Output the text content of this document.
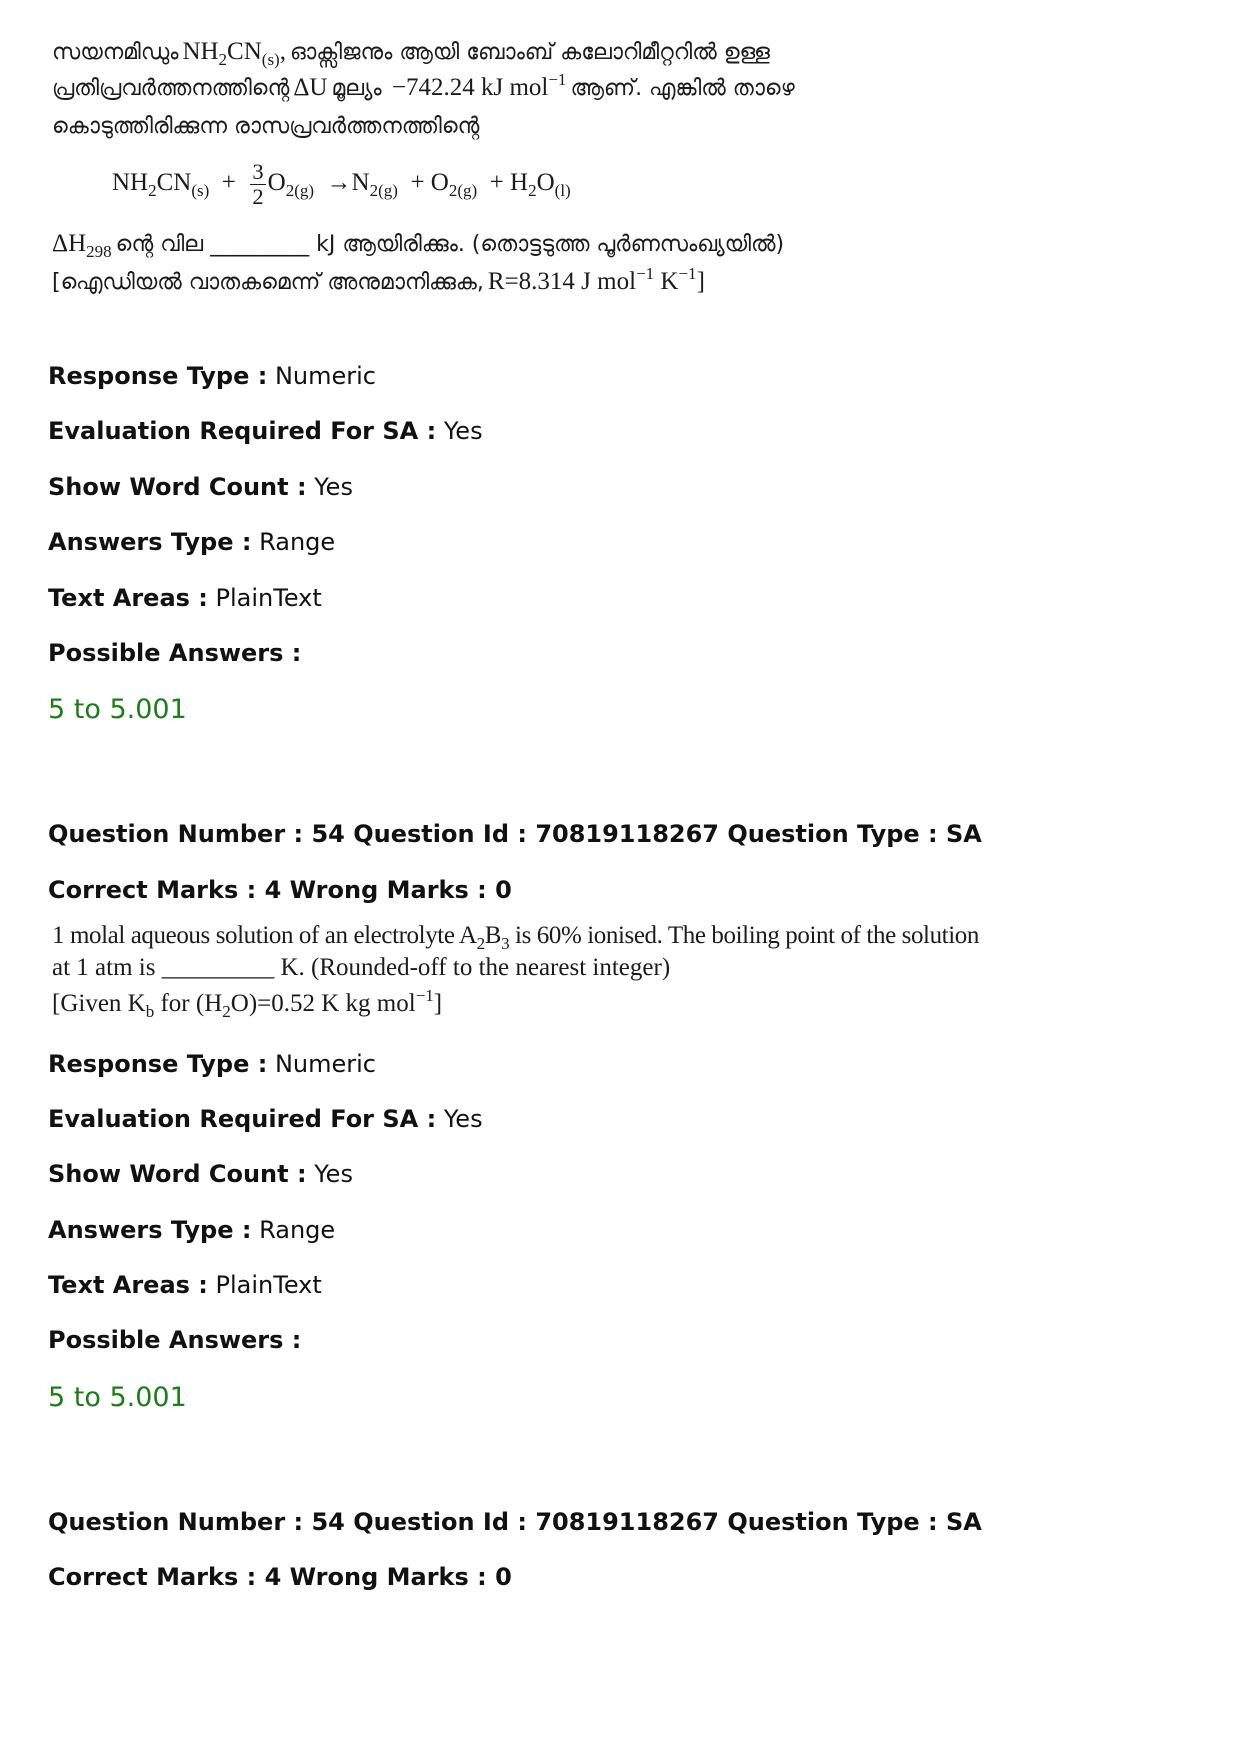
സയനമിഡും $NH_2CN_{(s)}$, ഓക്സിജനും ആയി ബോംബ് കലോറിമീറ്ററിൽ ഉള്ള
പ്രതിപ്രവർത്തനത്തിന്റെ ΔU മൂല്യം −742.24 kJ mol$^{-1}$ ആണ്. എങ്കിൽ താഴെ
കൊടുത്തിരിക്കുന്ന രാസപ്രവർത്തനത്തിന്റെ
$NH_2CN_{(s)} + \frac{3}{2} O_{2(g)} \to N_{2(g)} + O_{2(g)} + H_2O_{(l)}$
$\Delta H_{298}$ ന്റെ വില _________ kJ ആയിരിക്കും. (തൊട്ടടുത്ത പൂർണസംഖ്യയിൽ)
[ഐഡിയൽ വാതകമെന്ന് അനുമാനിക്കുക, R=8.314 J mol$^{-1}$ $K^{-1}$]
Response Type : Numeric
Evaluation Required For SA : Yes
Show Word Count : Yes
Answers Type : Range
Text Areas : PlainText
Possible Answers :
5 to 5.001
Question Number : 54 Question Id : 70819118267 Question Type : SA
Correct Marks : 4 Wrong Marks : 0
1 molal aqueous solution of an electrolyte $A_2B_3$ is 60% ionised. The boiling point of the solution
at 1 atm is _________ K. (Rounded-off to the nearest integer)
[Given $K_b$ for $(H_2O)=0.52$ K kg mol$^{-1}$]
Response Type : Numeric
Evaluation Required For SA : Yes
Show Word Count : Yes
Answers Type : Range
Text Areas : PlainText
Possible Answers :
5 to 5.001
Question Number : 54 Question Id : 70819118267 Question Type : SA
Correct Marks : 4 Wrong Marks : 0
